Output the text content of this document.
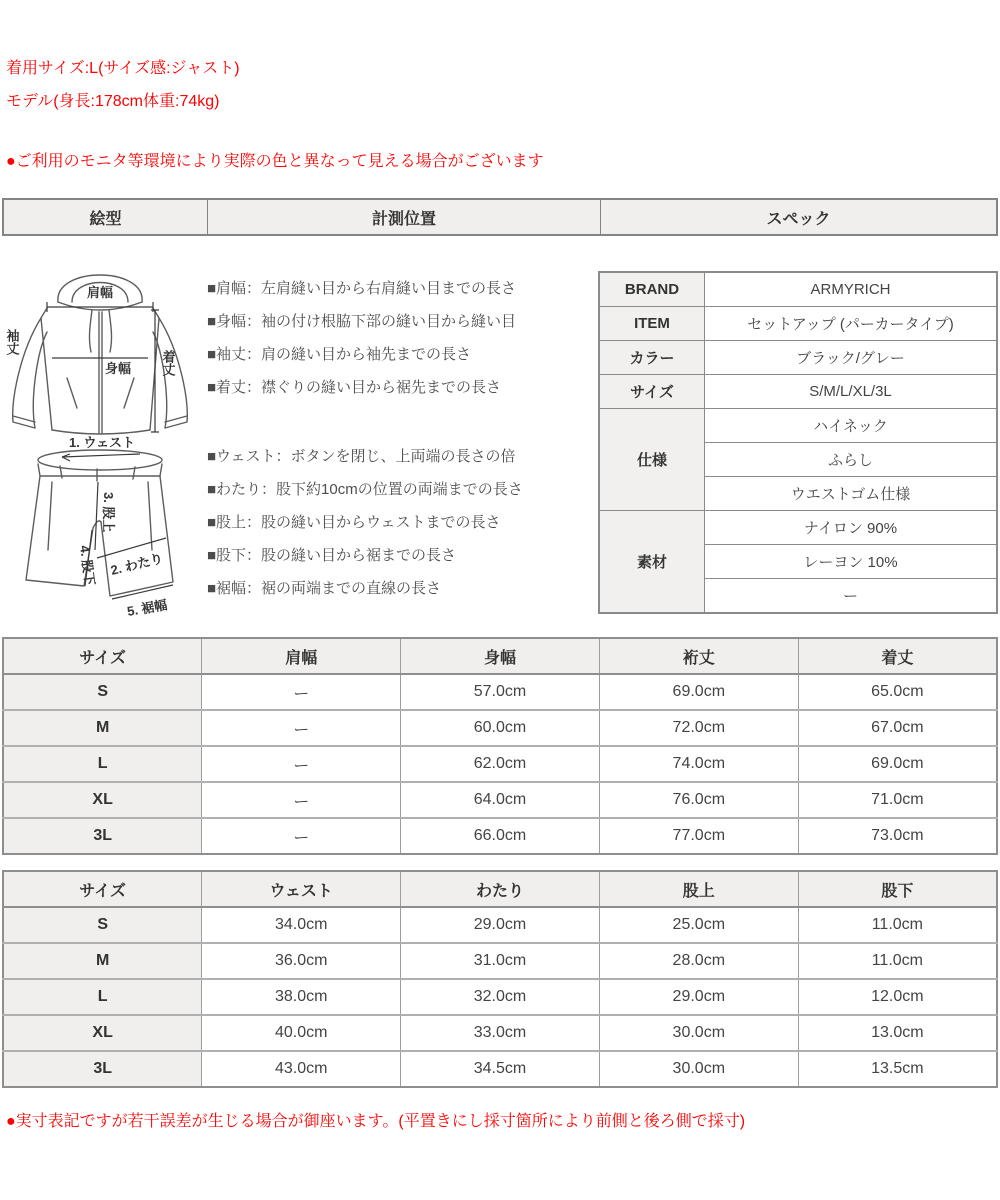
着用サイズ:L(サイズ感:ジャスト)
モデル(身長:178cm体重:74kg)
●ご利用のモニタ等環境により実際の色と異なって見える場合がございます
絵型	計測位置	スペック
肩幅
袖丈
身幅 着丈
1. ウェスト
3. 股上
2. わたり
4. 股下
5. 裾幅
■肩幅：左肩縫い目から右肩縫い目までの長さ
■身幅：袖の付け根脇下部の縫い目から縫い目
■袖丈：肩の縫い目から袖先までの長さ
■着丈：襟ぐりの縫い目から裾先までの長さ
■ウェスト：ボタンを閉じ、上両端の長さの倍
■わたり：股下約10cmの位置の両端までの長さ
■股上：股の縫い目からウェストまでの長さ
■股下：股の縫い目から裾までの長さ
■裾幅：裾の両端までの直線の長さ
BRAND	ARMYRICH
ITEM	セットアップ (パーカータイプ)
カラー	ブラック/グレー
サイズ	S/M/L/XL/3L
仕様	ハイネック
	ふらし
	ウエストゴム仕様
素材	ナイロン 90%
	レーヨン 10%
	ー
サイズ	肩幅	身幅	裄丈	着丈
S	ー	57.0cm	69.0cm	65.0cm
M	ー	60.0cm	72.0cm	67.0cm
L	ー	62.0cm	74.0cm	69.0cm
XL	ー	64.0cm	76.0cm	71.0cm
3L	ー	66.0cm	77.0cm	73.0cm
サイズ	ウェスト	わたり	股上	股下
S	34.0cm	29.0cm	25.0cm	11.0cm
M	36.0cm	31.0cm	28.0cm	11.0cm
L	38.0cm	32.0cm	29.0cm	12.0cm
XL	40.0cm	33.0cm	30.0cm	13.0cm
3L	43.0cm	34.5cm	30.0cm	13.5cm
●実寸表記ですが若干誤差が生じる場合が御座います。(平置きにし採寸箇所により前側と後ろ側で採寸)
